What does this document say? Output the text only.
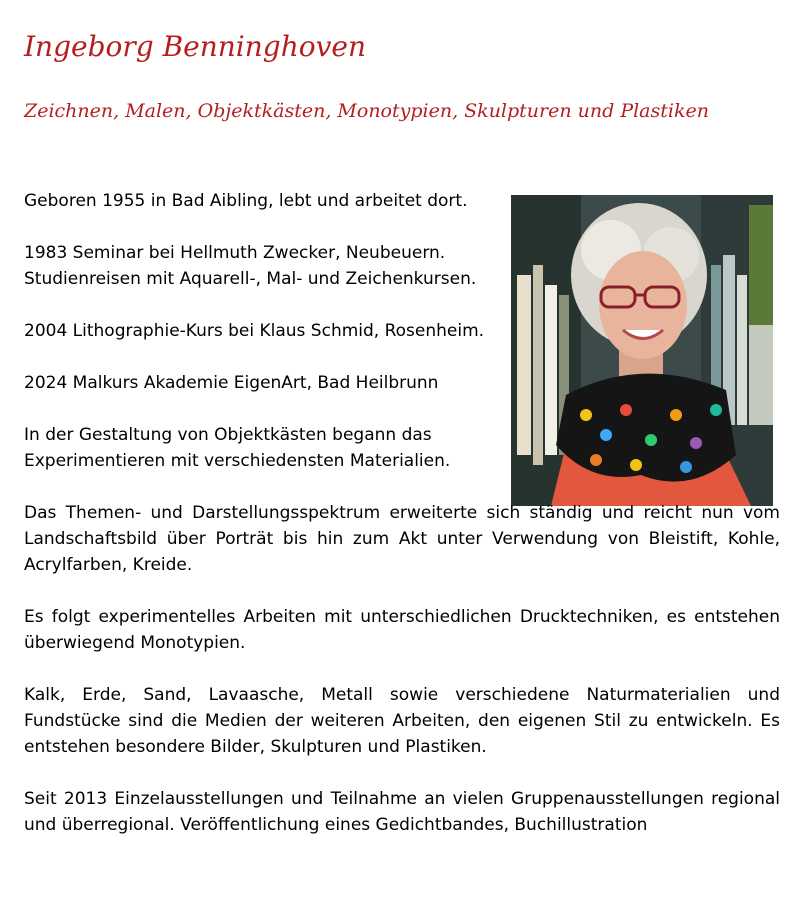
Ingeborg Benninghoven
Zeichnen, Malen, Objektkästen, Monotypien, Skulpturen und Plastiken

Geboren 1955 in Bad Aibling, lebt und arbeitet dort.

1983 Seminar bei Hellmuth Zwecker, Neubeuern.
Studienreisen mit Aquarell-, Mal- und Zeichenkursen.

2004 Lithographie-Kurs bei Klaus Schmid, Rosenheim.

2024 Malkurs Akademie EigenArt, Bad Heilbrunn

In der Gestaltung von Objektkästen begann das
Experimentieren mit verschiedensten Materialien.

Das Themen- und Darstellungsspektrum erweiterte sich ständig und reicht nun vom Landschaftsbild über Porträt bis hin zum Akt unter Verwendung von Bleistift, Kohle, Acrylfarben, Kreide.

Es folgt experimentelles Arbeiten mit unterschiedlichen Drucktechniken, es entstehen überwiegend Monotypien.

Kalk, Erde, Sand, Lavaasche, Metall sowie verschiedene Naturmaterialien und Fundstücke sind die Medien der weiteren Arbeiten, den eigenen Stil zu entwickeln. Es entstehen besondere Bilder, Skulpturen und Plastiken.

Seit 2013 Einzelausstellungen und Teilnahme an vielen Gruppenausstellungen regional und überregional. Veröffentlichung eines Gedichtbandes, Buchillustration
